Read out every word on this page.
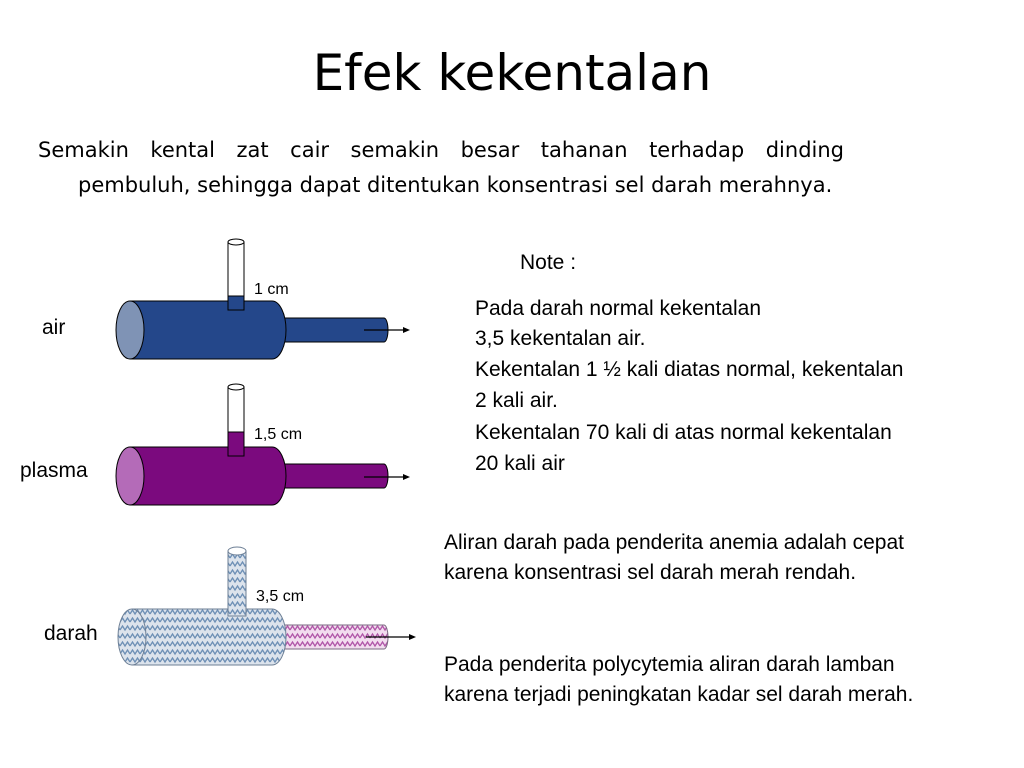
Efek kekentalan
Semakin kental zat cair semakin besar tahanan terhadap dinding pembuluh, sehingga dapat ditentukan konsentrasi sel darah merahnya.
air
1 cm
plasma
1,5 cm
darah
3,5 cm
Note :
Pada darah normal kekentalan
3,5 kekentalan air.
Kekentalan 1 ½ kali diatas normal, kekentalan
2 kali air.
Kekentalan 70 kali di atas normal kekentalan
20 kali air
Aliran darah pada penderita anemia adalah cepat karena konsentrasi sel darah merah rendah.
Pada penderita polycytemia aliran darah lamban karena terjadi peningkatan kadar sel darah merah.
